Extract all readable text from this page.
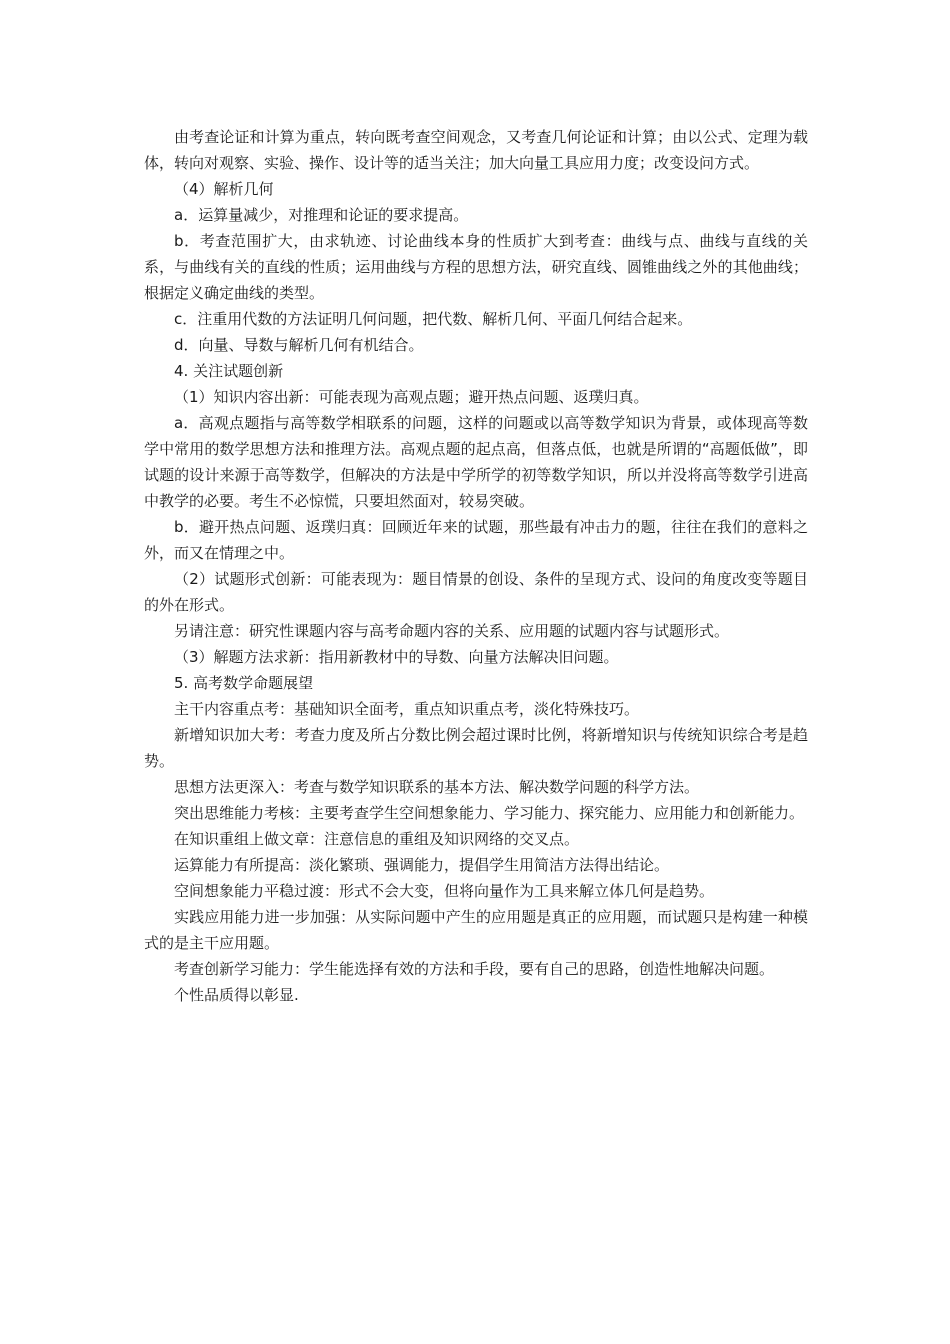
由考查论证和计算为重点，转向既考查空间观念，又考查几何论证和计算；由以公式、定理为载体，转向对观察、实验、操作、设计等的适当关注；加大向量工具应用力度；改变设问方式。

（4）解析几何

a．运算量减少，对推理和论证的要求提高。

b．考查范围扩大，由求轨迹、讨论曲线本身的性质扩大到考查：曲线与点、曲线与直线的关系，与曲线有关的直线的性质；运用曲线与方程的思想方法，研究直线、圆锥曲线之外的其他曲线；根据定义确定曲线的类型。

c．注重用代数的方法证明几何问题，把代数、解析几何、平面几何结合起来。

d．向量、导数与解析几何有机结合。

4. 关注试题创新

（1）知识内容出新：可能表现为高观点题；避开热点问题、返璞归真。

a．高观点题指与高等数学相联系的问题，这样的问题或以高等数学知识为背景，或体现高等数学中常用的数学思想方法和推理方法。高观点题的起点高，但落点低，也就是所谓的“高题低做”，即试题的设计来源于高等数学，但解决的方法是中学所学的初等数学知识，所以并没将高等数学引进高中教学的必要。考生不必惊慌，只要坦然面对，较易突破。

b．避开热点问题、返璞归真：回顾近年来的试题，那些最有冲击力的题，往往在我们的意料之外，而又在情理之中。

（2）试题形式创新：可能表现为：题目情景的创设、条件的呈现方式、设问的角度改变等题目的外在形式。

另请注意：研究性课题内容与高考命题内容的关系、应用题的试题内容与试题形式。

（3）解题方法求新：指用新教材中的导数、向量方法解决旧问题。

5. 高考数学命题展望

主干内容重点考：基础知识全面考，重点知识重点考，淡化特殊技巧。

新增知识加大考：考查力度及所占分数比例会超过课时比例，将新增知识与传统知识综合考是趋势。

思想方法更深入：考查与数学知识联系的基本方法、解决数学问题的科学方法。

突出思维能力考核：主要考查学生空间想象能力、学习能力、探究能力、应用能力和创新能力。

在知识重组上做文章：注意信息的重组及知识网络的交叉点。

运算能力有所提高：淡化繁琐、强调能力，提倡学生用简洁方法得出结论。

空间想象能力平稳过渡：形式不会大变，但将向量作为工具来解立体几何是趋势。

实践应用能力进一步加强：从实际问题中产生的应用题是真正的应用题，而试题只是构建一种模式的是主干应用题。

考查创新学习能力：学生能选择有效的方法和手段，要有自己的思路，创造性地解决问题。

个性品质得以彰显.
